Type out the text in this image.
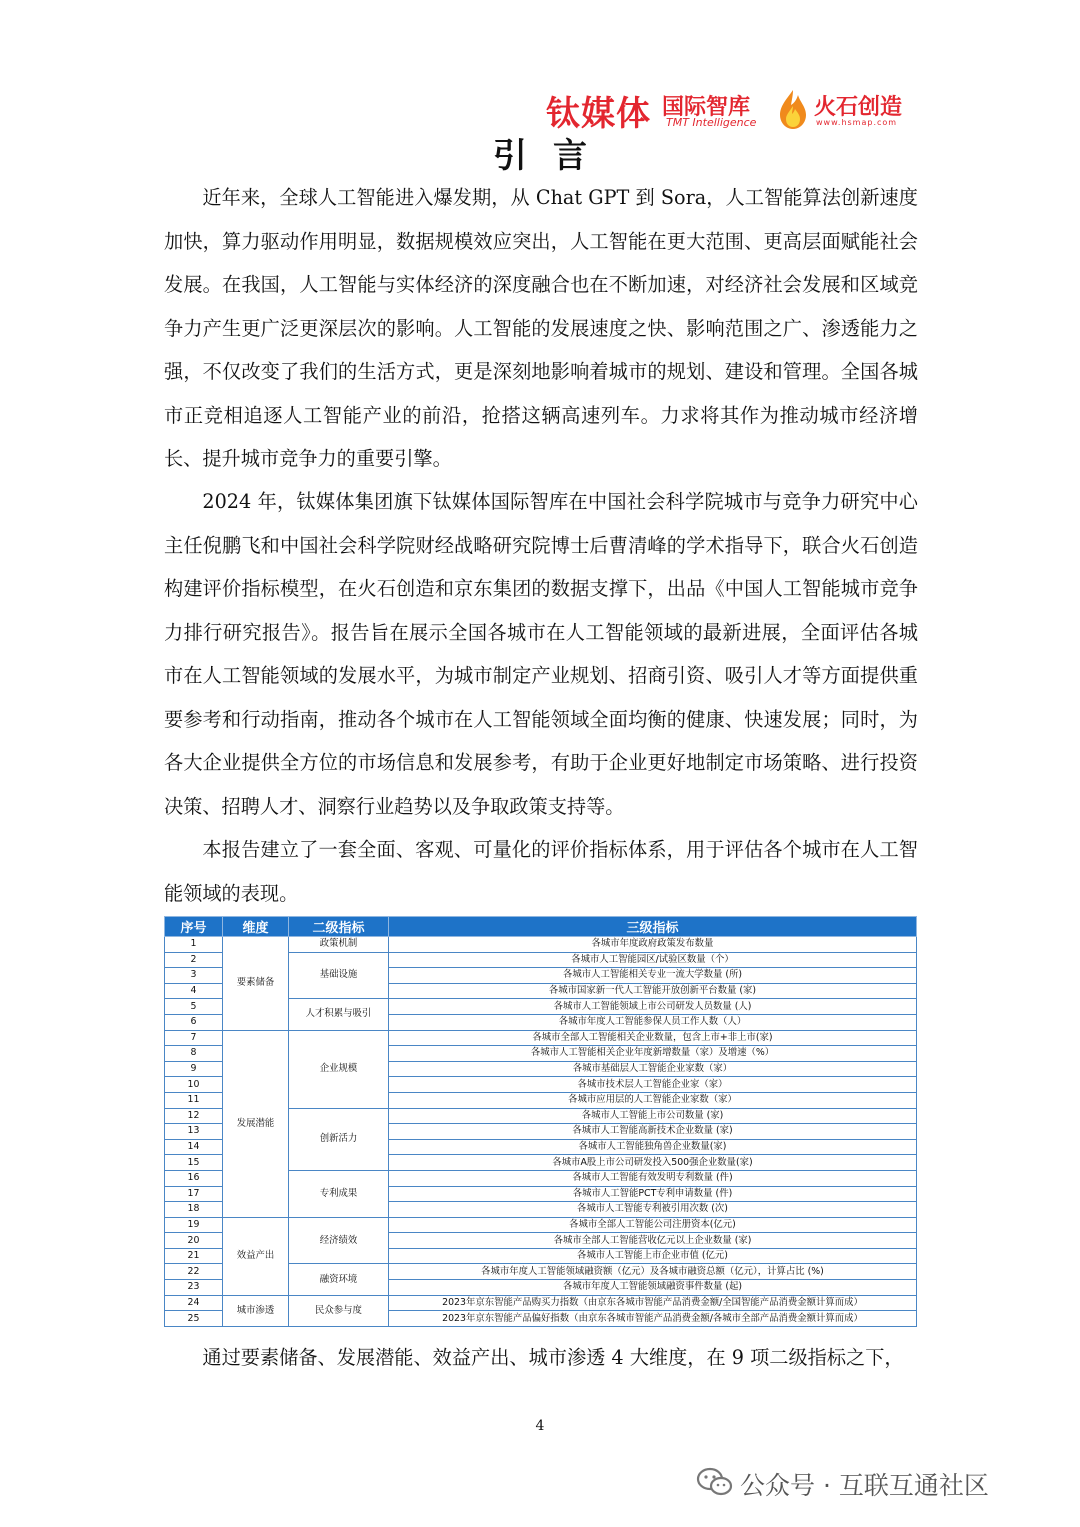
钛媒体 国际智库
TMT Intelligence
火石创造
www.hsmap.com
引言

近年来，全球人工智能进入爆发期，从 Chat GPT 到 Sora，人工智能算法创新速度加快，算力驱动作用明显，数据规模效应突出，人工智能在更大范围、更高层面赋能社会发展。在我国，人工智能与实体经济的深度融合也在不断加速，对经济社会发展和区域竞争力产生更广泛更深层次的影响。人工智能的发展速度之快、影响范围之广、渗透能力之强，不仅改变了我们的生活方式，更是深刻地影响着城市的规划、建设和管理。全国各城市正竞相追逐人工智能产业的前沿，抢搭这辆高速列车。力求将其作为推动城市经济增长、提升城市竞争力的重要引擎。

2024 年，钛媒体集团旗下钛媒体国际智库在中国社会科学院城市与竞争力研究中心主任倪鹏飞和中国社会科学院财经战略研究院博士后曹清峰的学术指导下，联合火石创造构建评价指标模型，在火石创造和京东集团的数据支撑下，出品《中国人工智能城市竞争力排行研究报告》。报告旨在展示全国各城市在人工智能领域的最新进展，全面评估各城市在人工智能领域的发展水平，为城市制定产业规划、招商引资、吸引人才等方面提供重要参考和行动指南，推动各个城市在人工智能领域全面均衡的健康、快速发展；同时，为各大企业提供全方位的市场信息和发展参考，有助于企业更好地制定市场策略、进行投资决策、招聘人才、洞察行业趋势以及争取政策支持等。

本报告建立了一套全面、客观、可量化的评价指标体系，用于评估各个城市在人工智能领域的表现。

序号	维度	二级指标	三级指标
1	要素储备	政策机制	各城市年度政府政策发布数量
2		基础设施	各城市人工智能园区/试验区数量（个）
3			各城市人工智能相关专业一流大学数量 (所)
4			各城市国家新一代人工智能开放创新平台数量 (家)
5		人才积累与吸引	各城市人工智能领域上市公司研发人员数量 (人)
6			各城市年度人工智能参保人员工作人数（人）
7	发展潜能	企业规模	各城市全部人工智能相关企业数量，包含上市+非上市(家)
8			各城市人工智能相关企业年度新增数量（家）及增速（%）
9			各城市基础层人工智能企业家数（家）
10			各城市技术层人工智能企业家（家）
11			各城市应用层的人工智能企业家数（家）
12		创新活力	各城市人工智能上市公司数量 (家)
13			各城市人工智能高新技术企业数量 (家)
14			各城市人工智能独角兽企业数量(家)
15			各城市A股上市公司研发投入500强企业数量(家)
16		专利成果	各城市人工智能有效发明专利数量 (件)
17			各城市人工智能PCT专利申请数量 (件)
18			各城市人工智能专利被引用次数 (次)
19	效益产出	经济绩效	各城市全部人工智能公司注册资本(亿元)
20			各城市全部人工智能营收亿元以上企业数量 (家)
21			各城市人工智能上市企业市值 (亿元)
22		融资环境	各城市年度人工智能领域融资额（亿元）及各城市融资总额（亿元），计算占比 (%)
23			各城市年度人工智能领域融资事件数量 (起)
24	城市渗透	民众参与度	2023年京东智能产品购买力指数（由京东各城市智能产品消费金额/全国智能产品消费金额计算而成）
25			2023年京东智能产品偏好指数（由京东各城市智能产品消费金额/各城市全部产品消费金额计算而成）

通过要素储备、发展潜能、效益产出、城市渗透 4 大维度，在 9 项二级指标之下，

4
公众号 · 互联互通社区
